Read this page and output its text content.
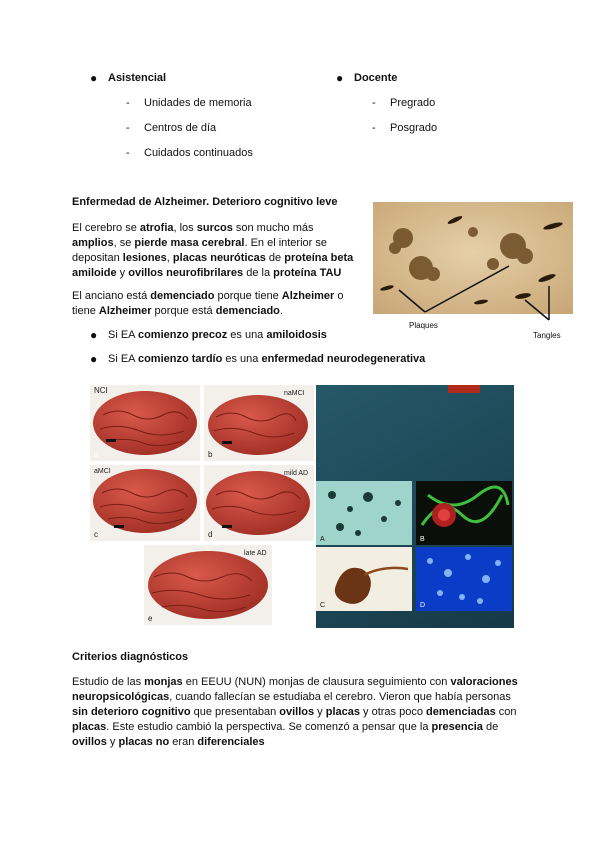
● Asistencial
- Unidades de memoria
- Centros de día
- Cuidados continuados
● Docente
- Pregrado
- Posgrado
Enfermedad de Alzheimer. Deterioro cognitivo leve
El cerebro se atrofia, los surcos son mucho más amplios, se pierde masa cerebral. En el interior se depositan lesiones, placas neuróticas de proteína beta amiloide y ovillos neurofibrilares de la proteína TAU
El anciano está demenciado porque tiene Alzheimer o tiene Alzheimer porque está demenciado.
● Si EA comienzo precoz es una amiloidosis
● Si EA comienzo tardío es una enfermedad neurodegenerativa
Plaques
Tangles
NCI
a
naMCI
b
aMCI
c
mild AD
d
late AD
e
A	B
C	D
Criterios diagnósticos
Estudio de las monjas en EEUU (NUN) monjas de clausura seguimiento con valoraciones neuropsicológicas, cuando fallecían se estudiaba el cerebro. Vieron que había personas sin deterioro cognitivo que presentaban ovillos y placas y otras poco demenciadas con placas. Este estudio cambió la perspectiva. Se comenzó a pensar que la presencia de ovillos y placas no eran diferenciales
